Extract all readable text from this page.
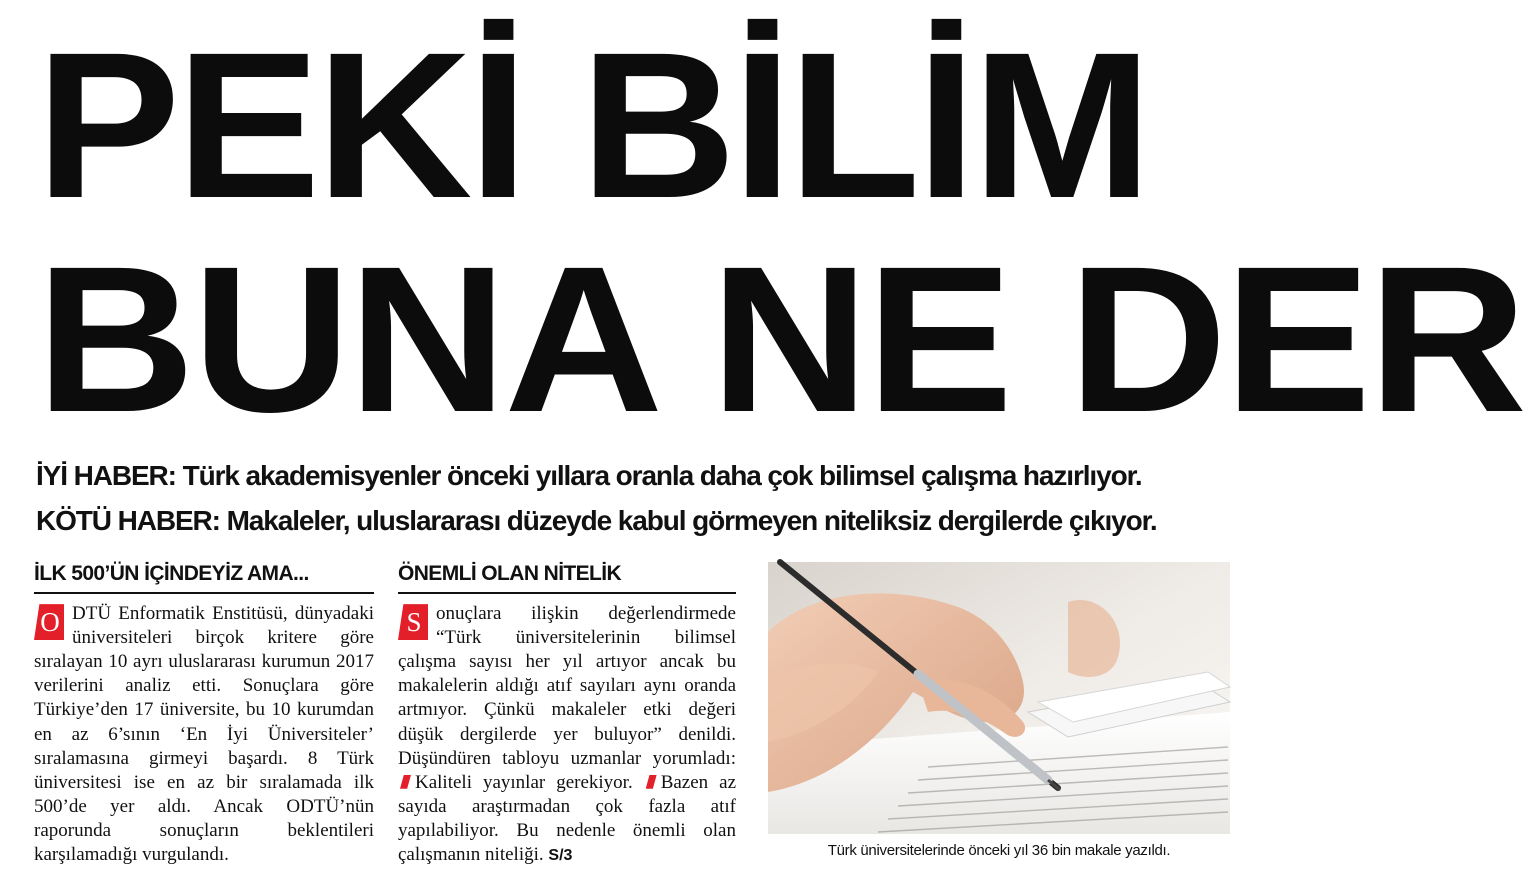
PEKİ BİLİM
BUNA NE DER
İYİ HABER: Türk akademisyenler önceki yıllara oranla daha çok bilimsel çalışma hazırlıyor.
KÖTÜ HABER: Makaleler, uluslararası düzeyde kabul görmeyen niteliksiz dergilerde çıkıyor.
İLK 500’ÜN İÇİNDEYİZ AMA...
O DTÜ Enformatik Enstitüsü, dünyadaki üniversiteleri birçok kritere göre sıralayan 10 ayrı uluslararası kurumun 2017 verilerini analiz etti. Sonuçlara göre Türkiye’den 17 üniversite, bu 10 kurumdan en az 6’sının ‘En İyi Üniversiteler’ sıralamasına girmeyi başardı. 8 Türk üniversitesi ise en az bir sıralamada ilk 500’de yer aldı. Ancak ODTÜ’nün raporunda sonuçların beklentileri karşılamadığı vurgulandı.
ÖNEMLİ OLAN NİTELİK
S onuçlara ilişkin değerlendirmede “Türk üniversitelerinin bilimsel çalışma sayısı her yıl artıyor ancak bu makalelerin aldığı atıf sayıları aynı oranda artmıyor. Çünkü makaleler etki değeri düşük dergilerde yer buluyor” denildi. Düşündüren tabloyu uzmanlar yorumladı: Kaliteli yayınlar gerekiyor. Bazen az sayıda araştırmadan çok fazla atıf yapılabiliyor. Bu nedenle önemli olan çalışmanın niteliği. S/3	Türk üniversitelerinde önceki yıl 36 bin makale yazıldı.
